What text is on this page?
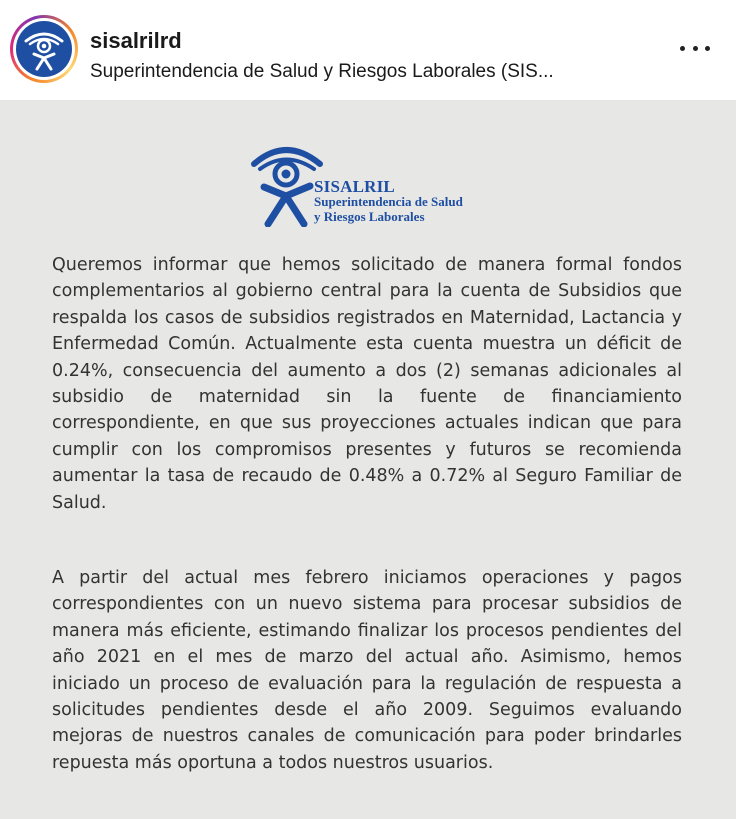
sisalrilrd
Superintendencia de Salud y Riesgos Laborales (SIS...
SISALRIL
Superintendencia de Salud
y Riesgos Laborales

Queremos informar que hemos solicitado de manera formal fondos complementarios al gobierno central para la cuenta de Subsidios que respalda los casos de subsidios registrados en Maternidad, Lactancia y Enfermedad Común. Actualmente esta cuenta muestra un déficit de 0.24%, consecuencia del aumento a dos (2) semanas adicionales al subsidio de maternidad sin la fuente de financiamiento correspondiente, en que sus proyecciones actuales indican que para cumplir con los compromisos presentes y futuros se recomienda aumentar la tasa de recaudo de 0.48% a 0.72% al Seguro Familiar de Salud.

A partir del actual mes febrero iniciamos operaciones y pagos correspondientes con un nuevo sistema para procesar subsidios de manera más eficiente, estimando finalizar los procesos pendientes del año 2021 en el mes de marzo del actual año. Asimismo, hemos iniciado un proceso de evaluación para la regulación de respuesta a solicitudes pendientes desde el año 2009. Seguimos evaluando mejoras de nuestros canales de comunicación para poder brindarles repuesta más oportuna a todos nuestros usuarios.
